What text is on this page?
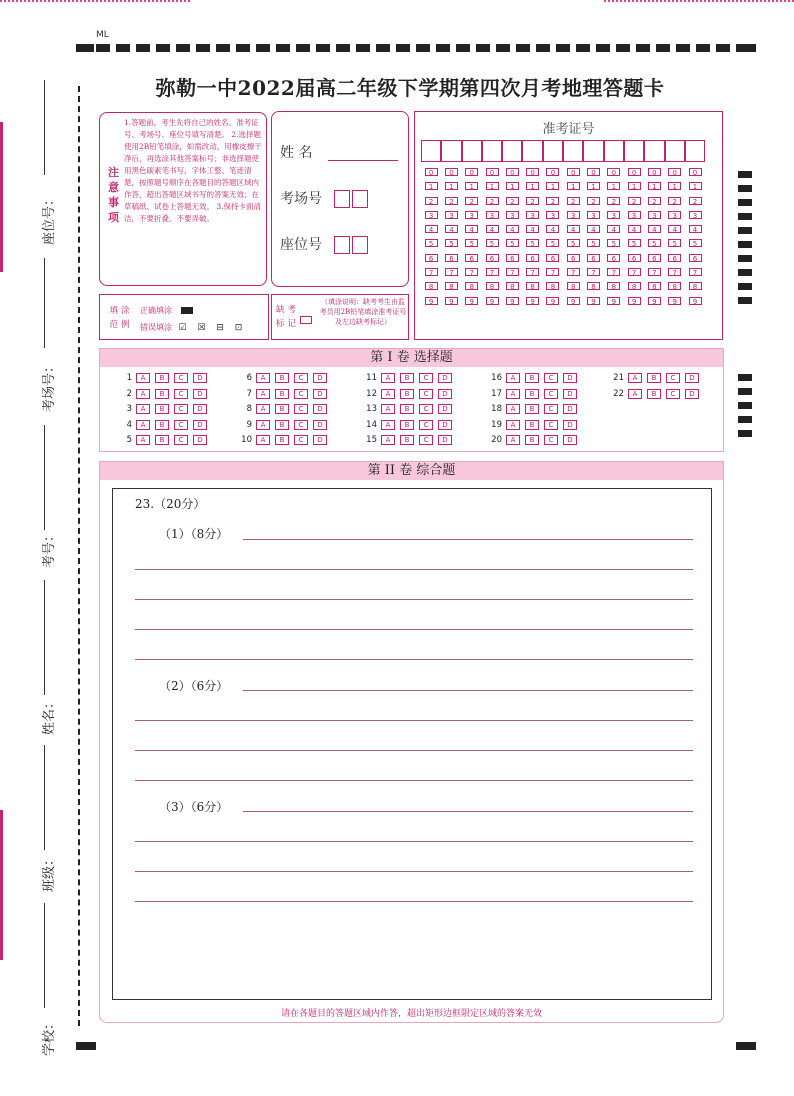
ML
弥勒一中2022届高二年级下学期第四次月考地理答题卡
座位号：
考场号：
考号：
姓名：
班级：
学校：
注
意
事
项
1.答题前，考生先将自己的姓名、准考证号、考场号、座位号填写清楚。 2.选择题使用2B铅笔填涂，如需改动，用橡皮擦干净后，再选涂其他答案标号；非选择题使用黑色碳素笔书写，字体工整、笔迹清楚，按照题号顺序在各题目的答题区域内作答，超出答题区域书写的答案无效；在草稿纸、试卷上答题无效。 3.保持卡面清洁，不要折叠、不要弄破。
姓 名
考场号
座位号
准考证号
0	0	0	0	0	0	0	0	0	0	0	0	0	0
1	1	1	1	1	1	1	1	1	1	1	1	1	1
2	2	2	2	2	2	2	2	2	2	2	2	2	2
3	3	3	3	3	3	3	3	3	3	3	3	3	3
4	4	4	4	4	4	4	4	4	4	4	4	4	4
5	5	5	5	5	5	5	5	5	5	5	5	5	5
6	6	6	6	6	6	6	6	6	6	6	6	6	6
7	7	7	7	7	7	7	7	7	7	7	7	7	7
8	8	8	8	8	8	8	8	8	8	8	8	8	8
9	9	9	9	9	9	9	9	9	9	9	9	9	9
填涂范例
正确填涂
错误填涂 ☑ ☒ ⊟ ⊡
缺考标记
（填涂说明：缺考考生由监考员用2B铅笔填涂准考证号及左边缺考标记）
第 I 卷 选择题
1 A B C D
2 A B C D
3 A B C D
4 A B C D
5 A B C D
6 A B C D
7 A B C D
8 A B C D
9 A B C D
10 A B C D
11 A B C D
12 A B C D
13 A B C D
14 A B C D
15 A B C D
16 A B C D
17 A B C D
18 A B C D
19 A B C D
20 A B C D
21 A B C D
22 A B C D
第 II 卷 综合题
23.（20分）
（1）（8分）
（2）（6分）
（3）（6分）
请在各题目的答题区域内作答，超出矩形边框限定区域的答案无效
